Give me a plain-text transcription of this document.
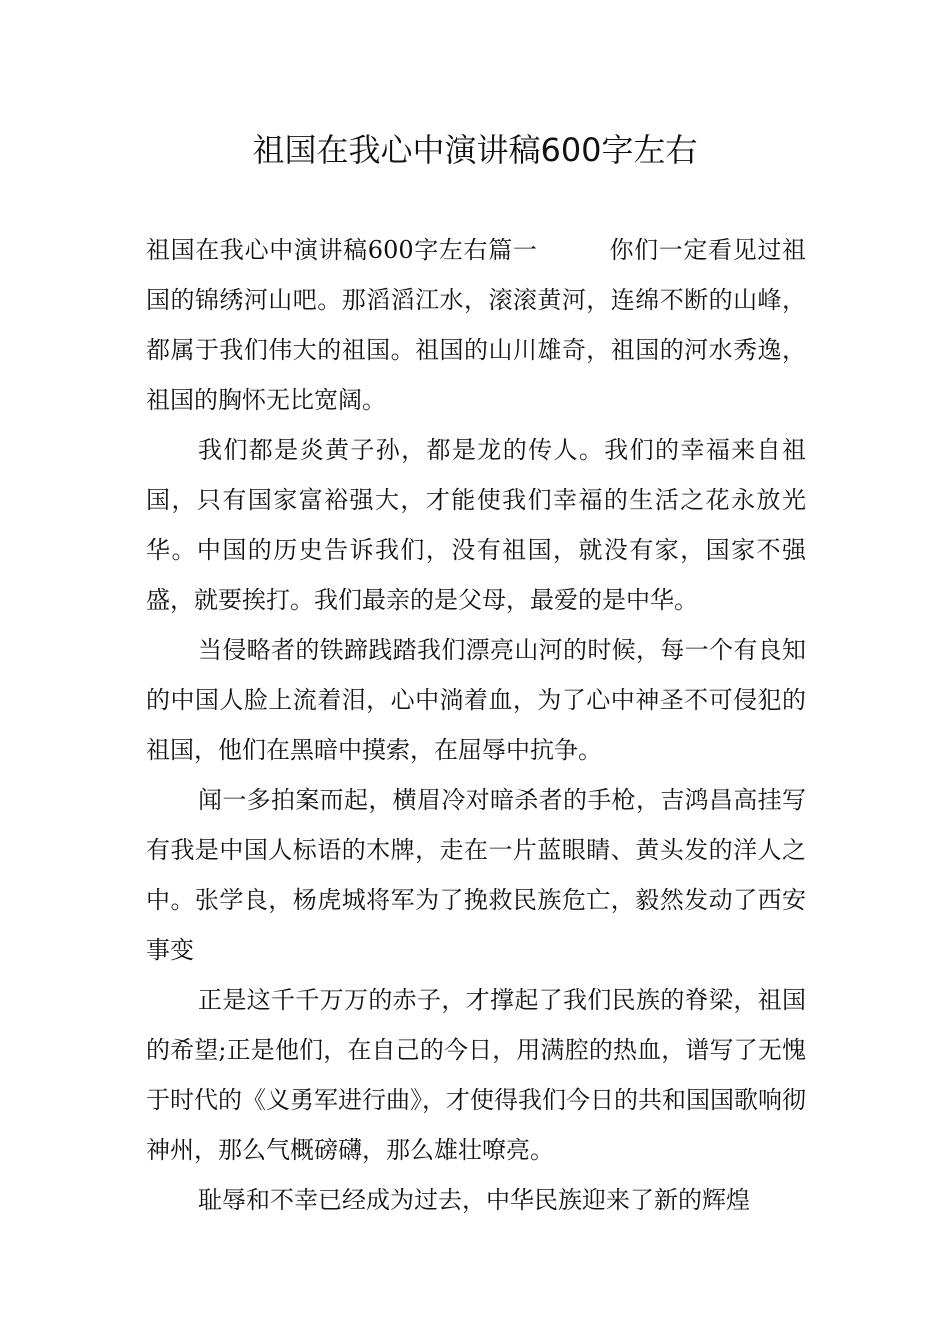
祖国在我心中演讲稿600字左右

祖国在我心中演讲稿600字左右篇一	你们一定看见过祖国的锦绣河山吧。那滔滔江水，滚滚黄河，连绵不断的山峰，都属于我们伟大的祖国。祖国的山川雄奇，祖国的河水秀逸，祖国的胸怀无比宽阔。

我们都是炎黄子孙，都是龙的传人。我们的幸福来自祖国，只有国家富裕强大，才能使我们幸福的生活之花永放光华。中国的历史告诉我们，没有祖国，就没有家，国家不强盛，就要挨打。我们最亲的是父母，最爱的是中华。

当侵略者的铁蹄践踏我们漂亮山河的时候，每一个有良知的中国人脸上流着泪，心中淌着血，为了心中神圣不可侵犯的祖国，他们在黑暗中摸索，在屈辱中抗争。

闻一多拍案而起，横眉冷对暗杀者的手枪，吉鸿昌高挂写有我是中国人标语的木牌，走在一片蓝眼睛、黄头发的洋人之中。张学良，杨虎城将军为了挽救民族危亡，毅然发动了西安事变

正是这千千万万的赤子，才撑起了我们民族的脊梁，祖国的希望;正是他们，在自己的今日，用满腔的热血，谱写了无愧于时代的《义勇军进行曲》，才使得我们今日的共和国国歌响彻神州，那么气概磅礴，那么雄壮嘹亮。

耻辱和不幸已经成为过去，中华民族迎来了新的辉煌
